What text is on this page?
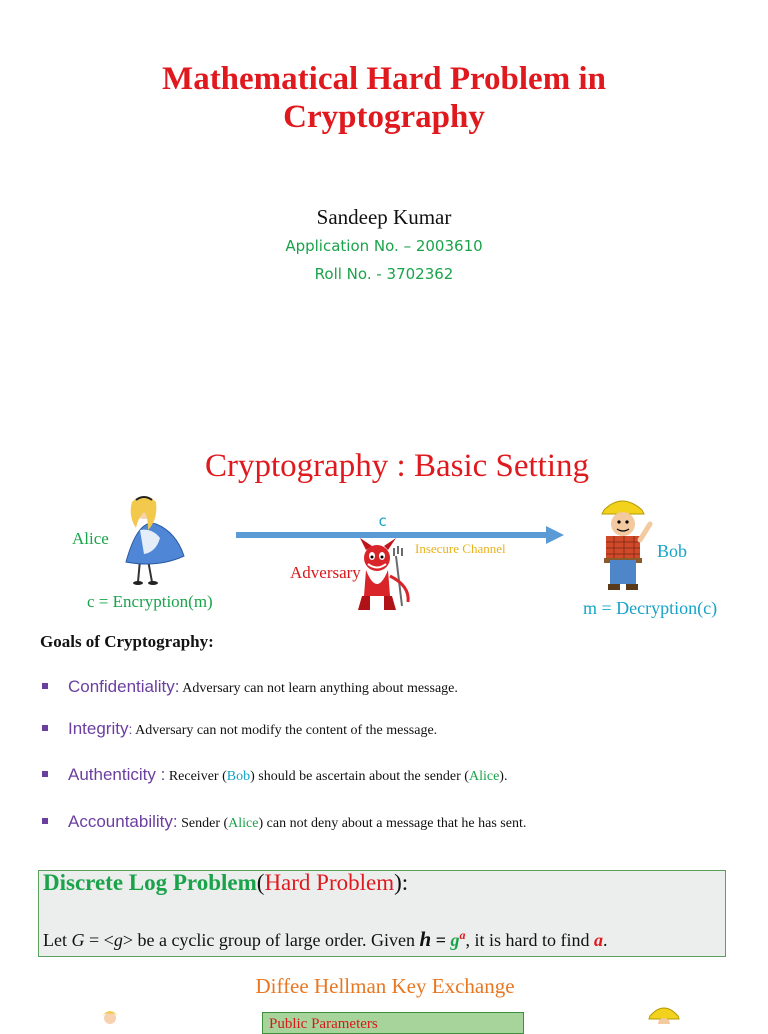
Mathematical Hard Problem in
Cryptography
Sandeep Kumar
Application No. – 2003610
Roll No. - 3702362
Cryptography : Basic Setting
Alice
c = Encryption(m)
c
Insecure Channel
Adversary
Bob
m = Decryption(c)
Goals of Cryptography:
Confidentiality: Adversary can not learn anything about message.
Integrity: Adversary can not modify the content of the message.
Authenticity : Receiver (Bob) should be ascertain about the sender (Alice).
Accountability: Sender (Alice) can not deny about a message that he has sent.
Discrete Log Problem(Hard Problem):
Let G = <g> be a cyclic group of large order. Given $h = g^a$, it is hard to find a.
Diffee Hellman Key Exchange
Public Parameters
